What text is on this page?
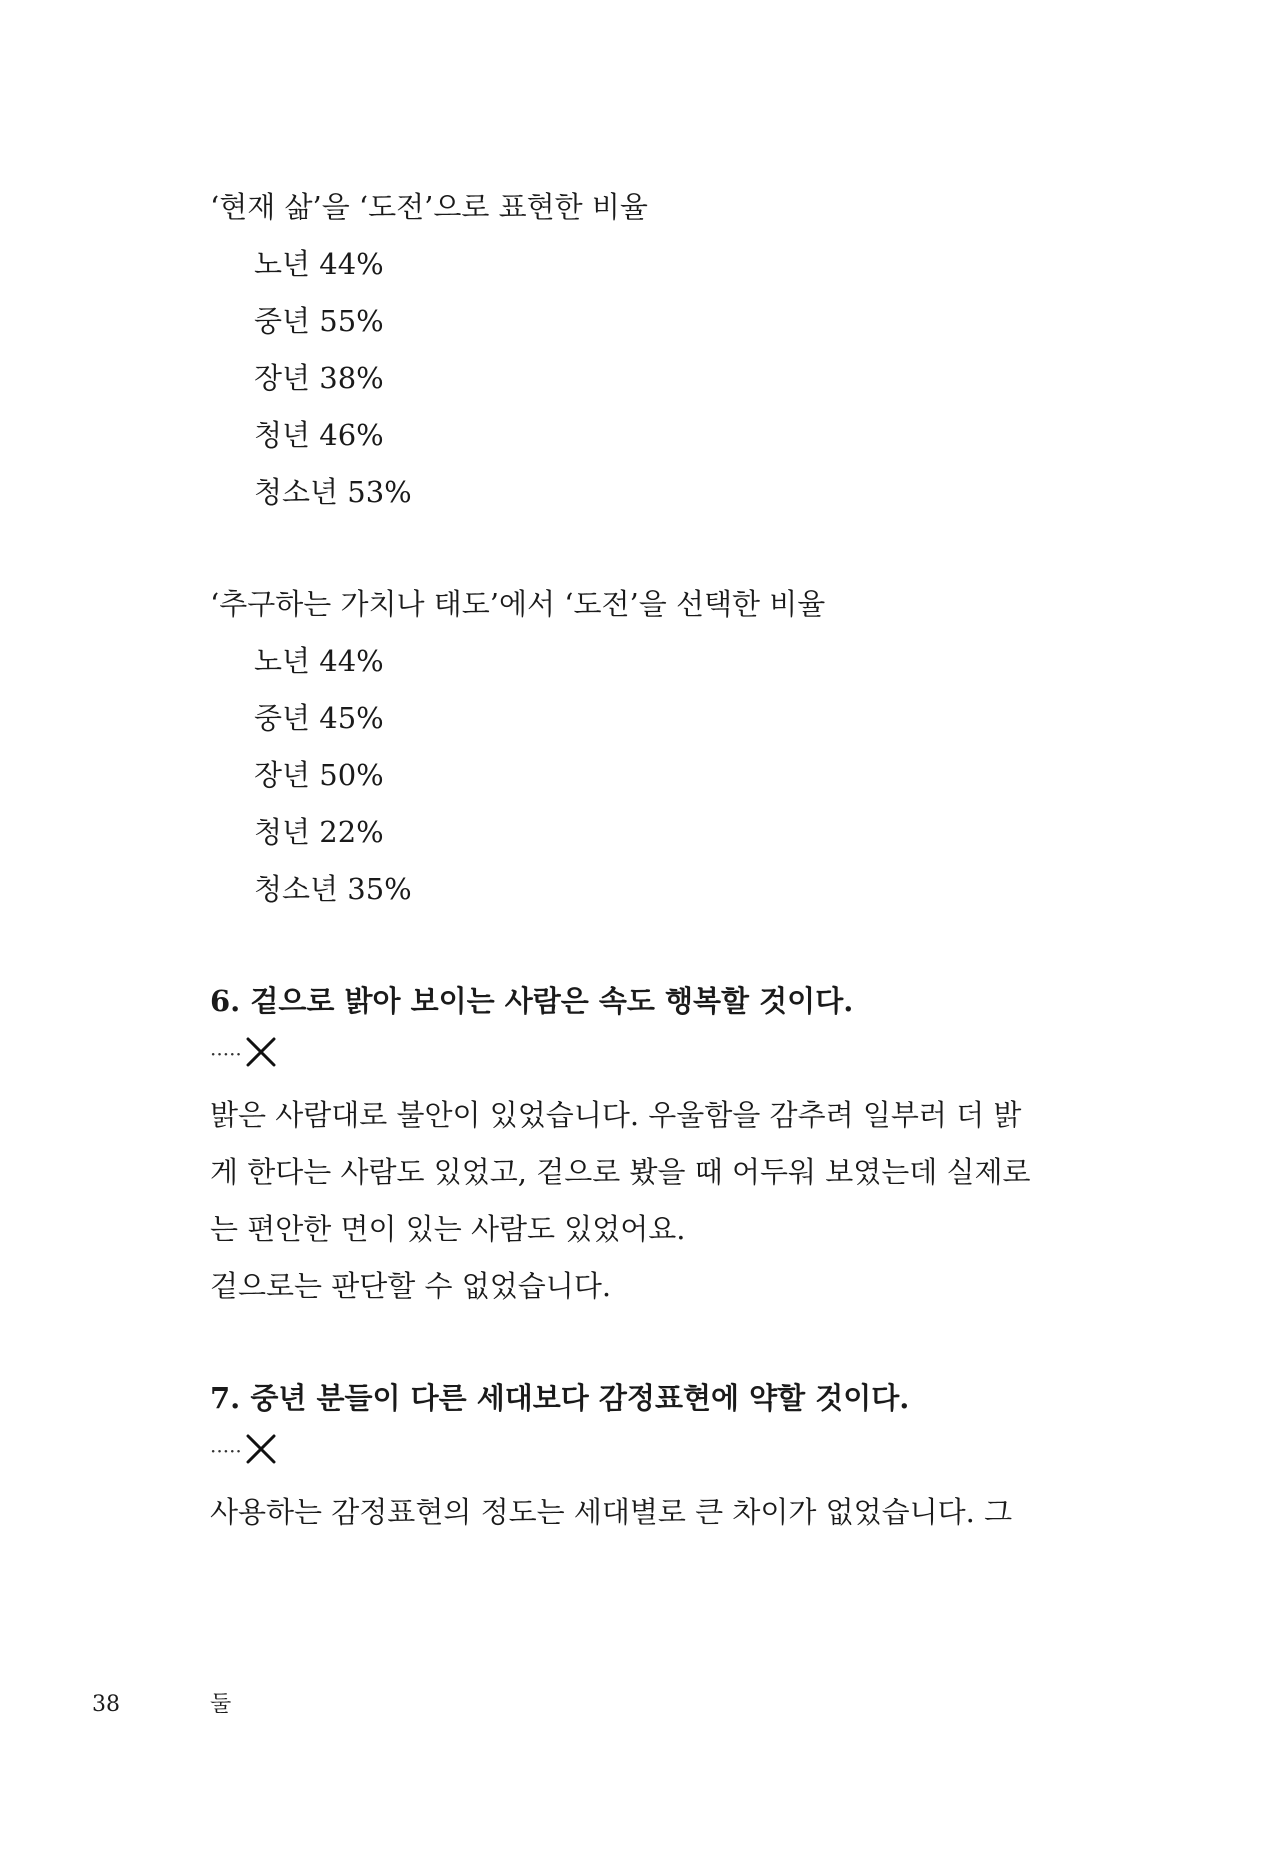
‘현재 삶’을 ‘도전’으로 표현한 비율
노년 44%
중년 55%
장년 38%
청년 46%
청소년 53%
‘추구하는 가치나 태도’에서 ‘도전’을 선택한 비율
노년 44%
중년 45%
장년 50%
청년 22%
청소년 35%
6. 겉으로 밝아 보이는 사람은 속도 행복할 것이다.
·····
밝은 사람대로 불안이 있었습니다. 우울함을 감추려 일부러 더 밝
게 한다는 사람도 있었고, 겉으로 봤을 때 어두워 보였는데 실제로
는 편안한 면이 있는 사람도 있었어요.
겉으로는 판단할 수 없었습니다.
7. 중년 분들이 다른 세대보다 감정표현에 약할 것이다.
·····
사용하는 감정표현의 정도는 세대별로 큰 차이가 없었습니다. 그
38	둘
